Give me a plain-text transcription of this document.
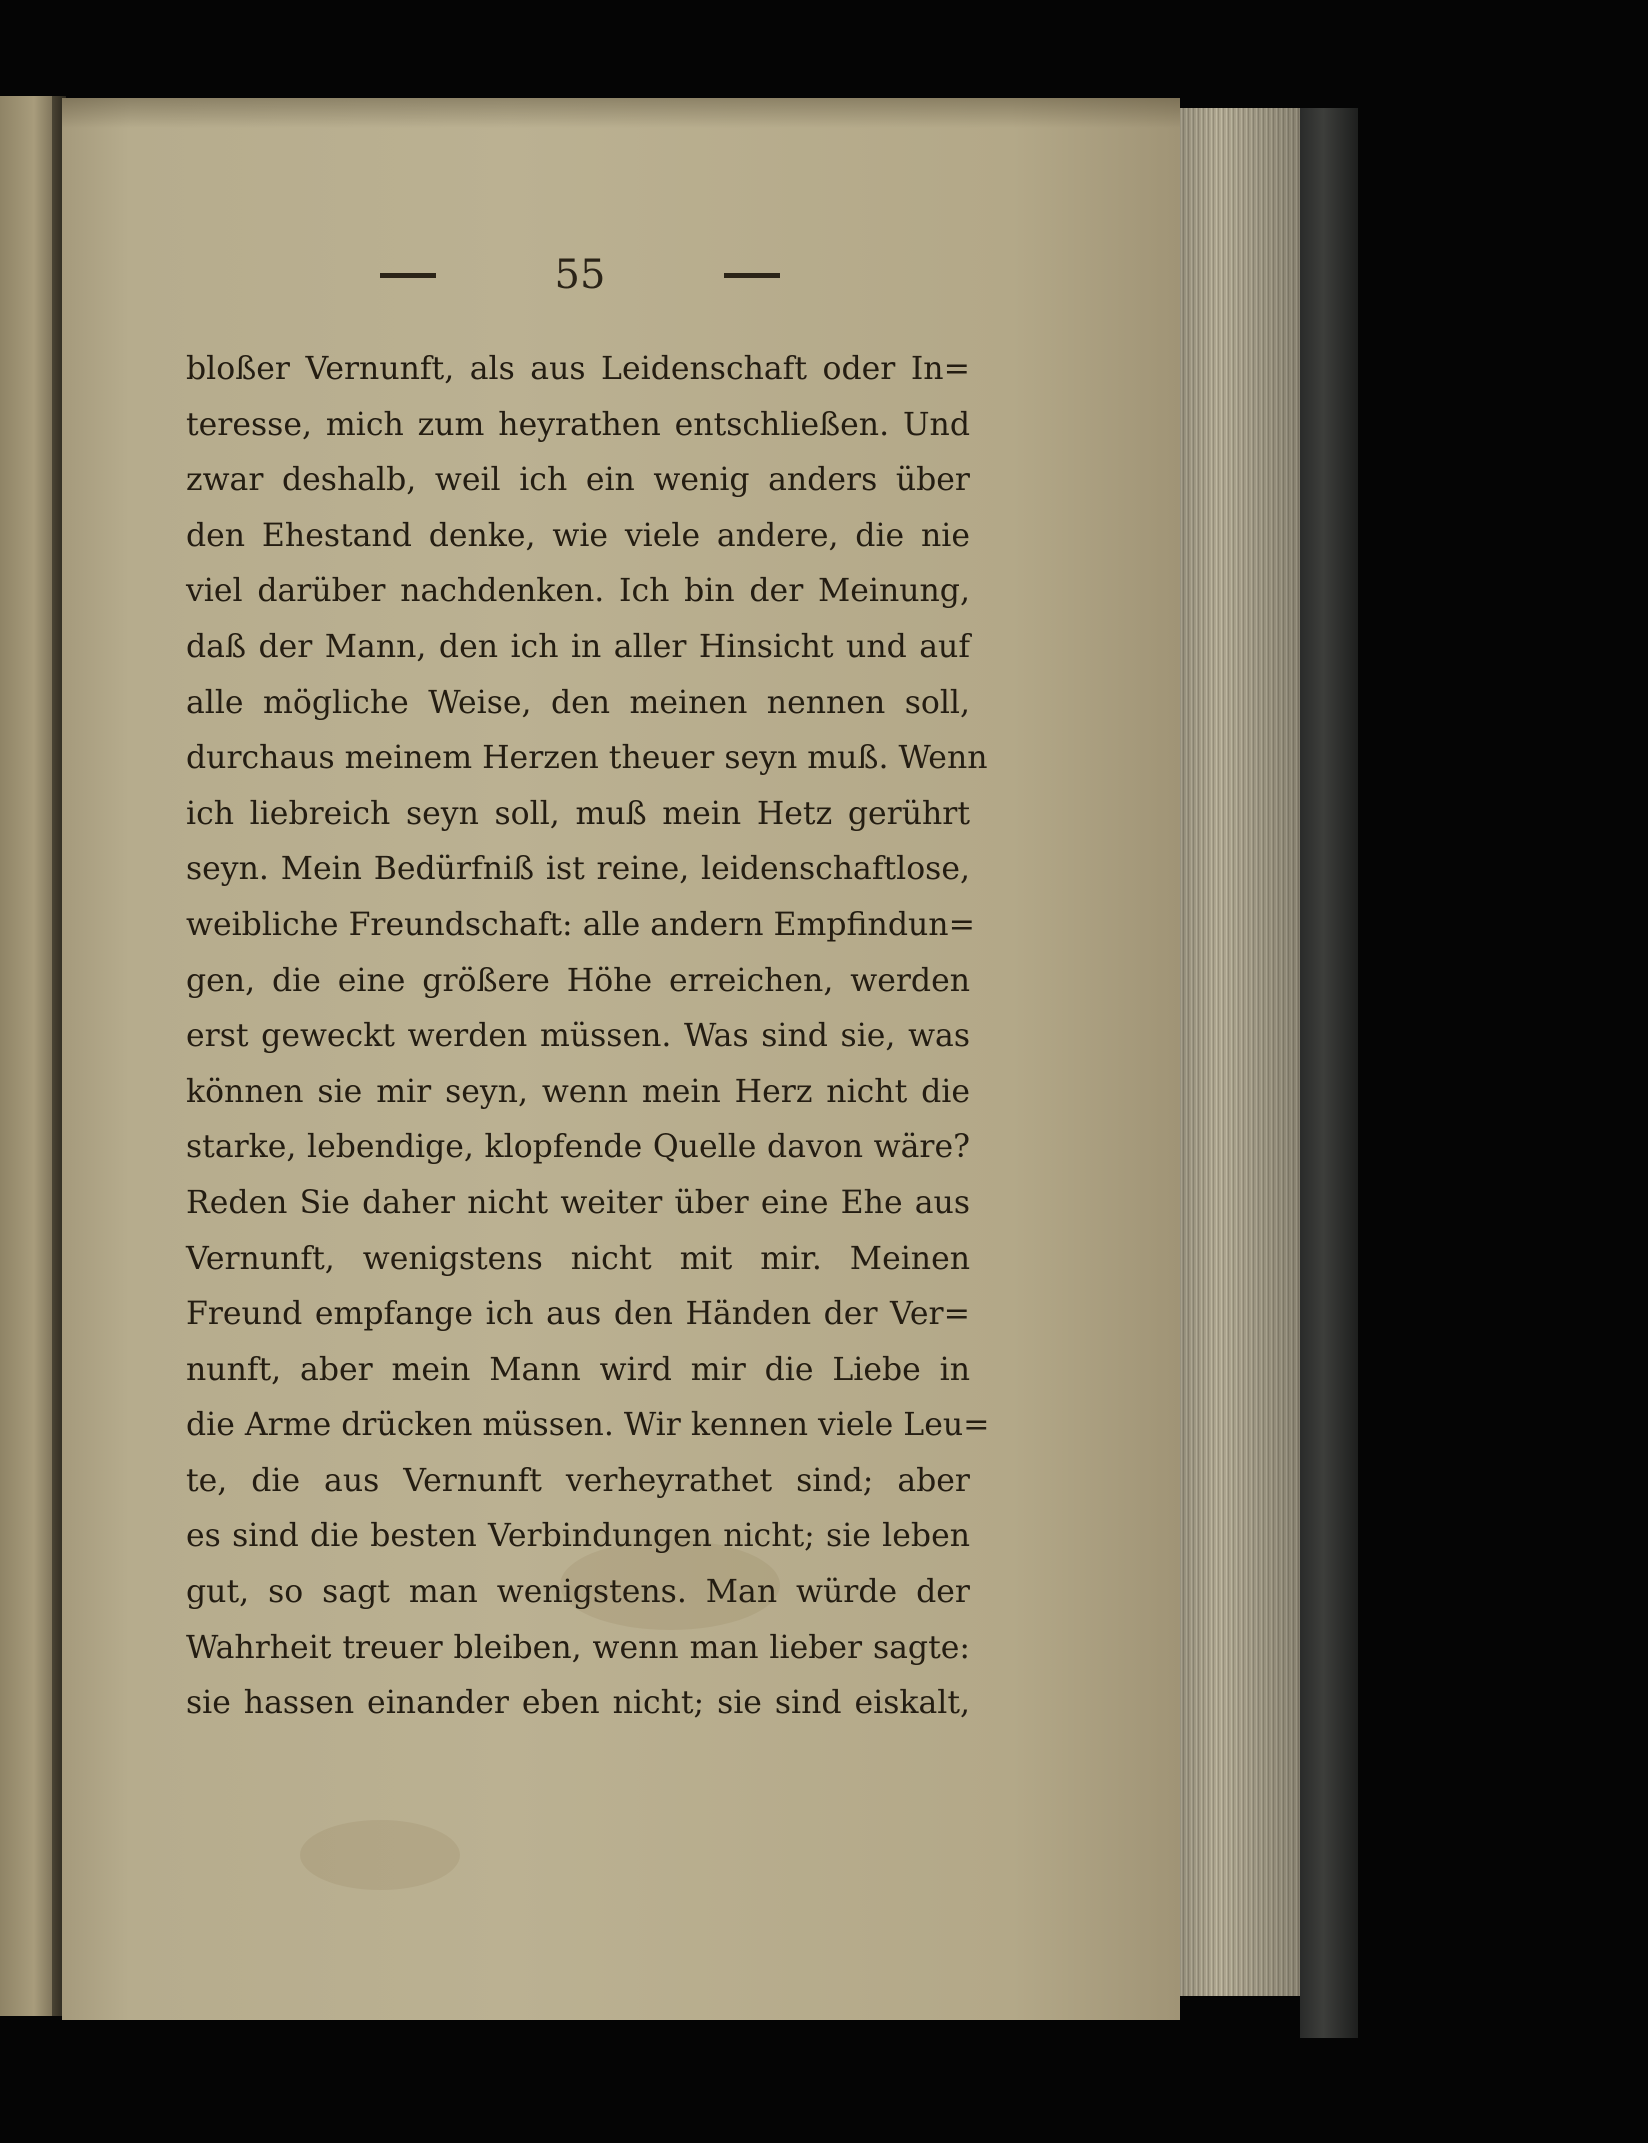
55
bloßer Vernunft, als aus Leidenschaft oder In=
teresse, mich zum heyrathen entschließen. Und
zwar deshalb, weil ich ein wenig anders über
den Ehestand denke, wie viele andere, die nie
viel darüber nachdenken. Ich bin der Meinung,
daß der Mann, den ich in aller Hinsicht und auf
alle mögliche Weise, den meinen nennen soll,
durchaus meinem Herzen theuer seyn muß. Wenn
ich liebreich seyn soll, muß mein Hetz gerührt
seyn. Mein Bedürfniß ist reine, leidenschaftlose,
weibliche Freundschaft: alle andern Empfindun=
gen, die eine größere Höhe erreichen, werden
erst geweckt werden müssen. Was sind sie, was
können sie mir seyn, wenn mein Herz nicht die
starke, lebendige, klopfende Quelle davon wäre?
Reden Sie daher nicht weiter über eine Ehe aus
Vernunft, wenigstens nicht mit mir. Meinen
Freund empfange ich aus den Händen der Ver=
nunft, aber mein Mann wird mir die Liebe in
die Arme drücken müssen. Wir kennen viele Leu=
te, die aus Vernunft verheyrathet sind; aber
es sind die besten Verbindungen nicht; sie leben
gut, so sagt man wenigstens. Man würde der
Wahrheit treuer bleiben, wenn man lieber sagte:
sie hassen einander eben nicht; sie sind eiskalt,
